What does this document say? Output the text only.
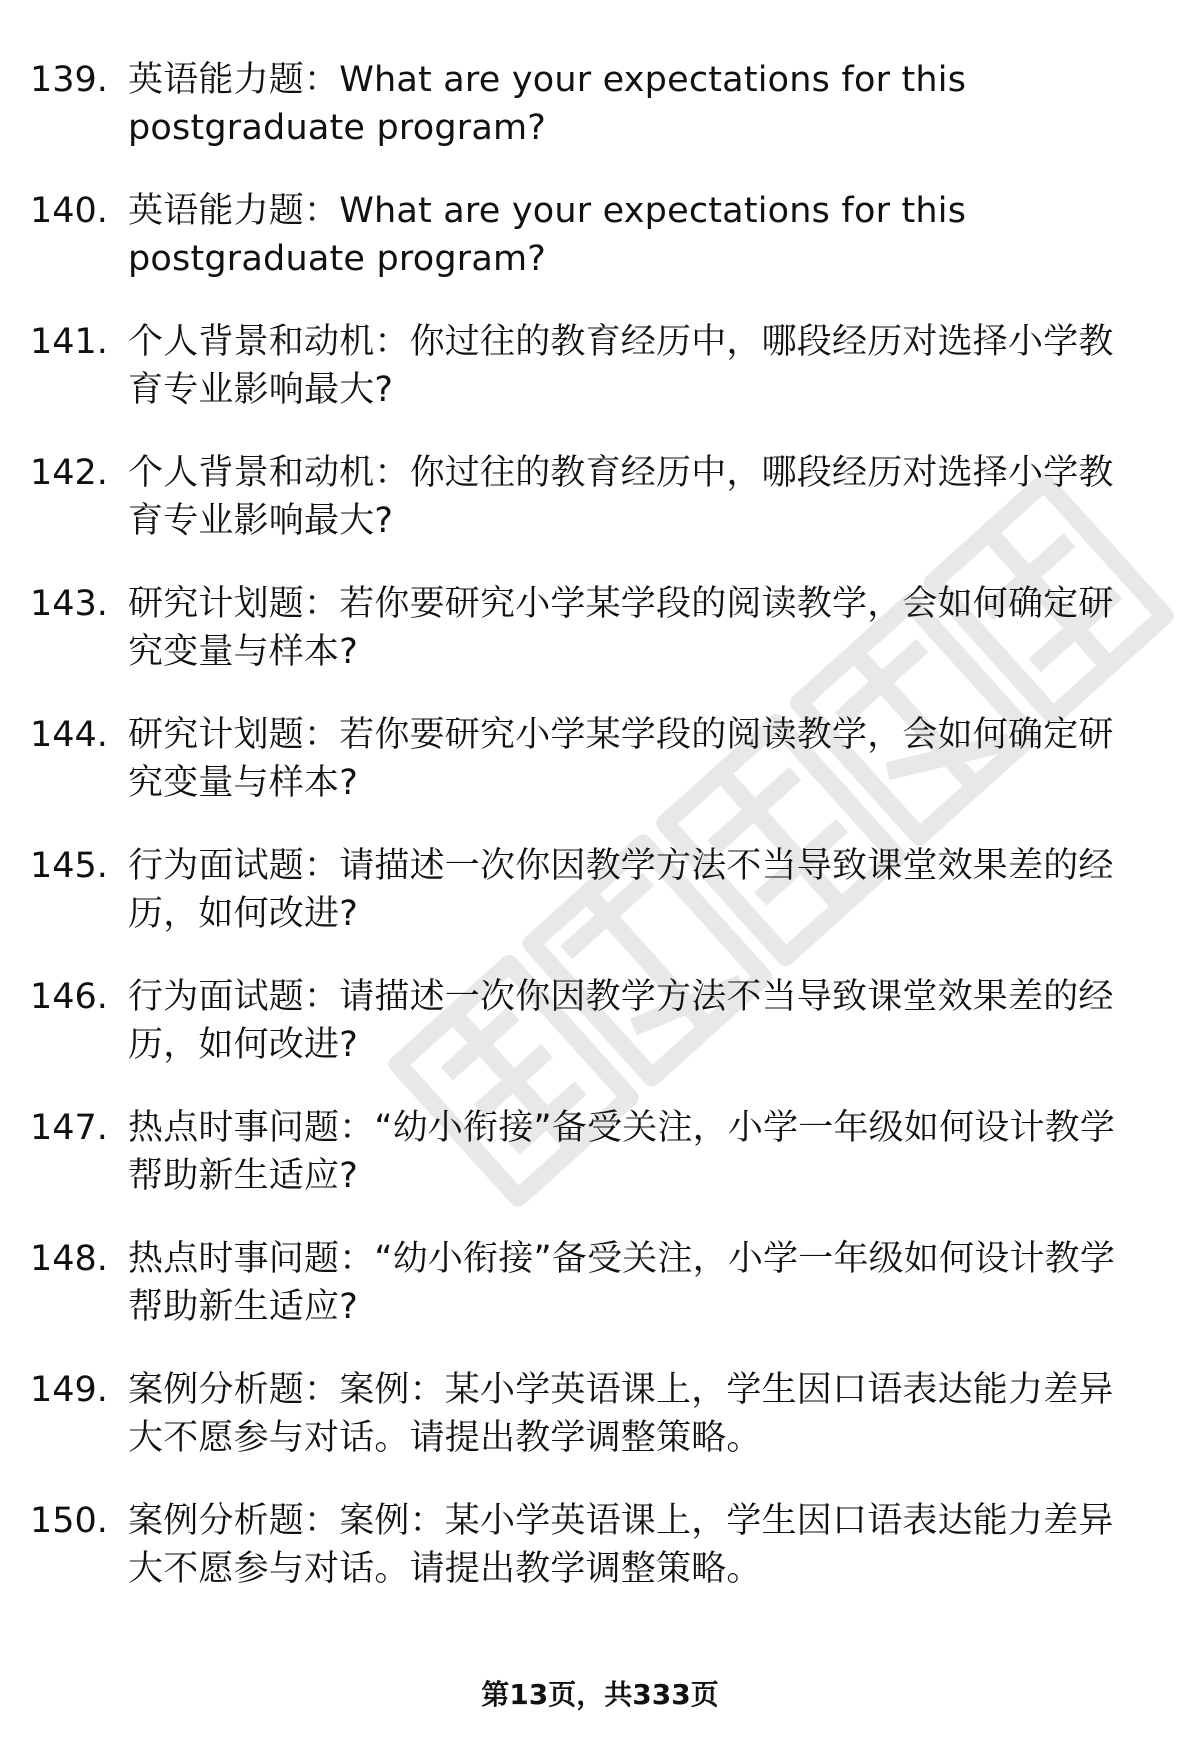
139. 英语能力题：What are your expectations for this postgraduate program?
140. 英语能力题：What are your expectations for this postgraduate program?
141. 个人背景和动机：你过往的教育经历中，哪段经历对选择小学教育专业影响最大?
142. 个人背景和动机：你过往的教育经历中，哪段经历对选择小学教育专业影响最大?
143. 研究计划题：若你要研究小学某学段的阅读教学，会如何确定研究变量与样本?
144. 研究计划题：若你要研究小学某学段的阅读教学，会如何确定研究变量与样本?
145. 行为面试题：请描述一次你因教学方法不当导致课堂效果差的经历，如何改进?
146. 行为面试题：请描述一次你因教学方法不当导致课堂效果差的经历，如何改进?
147. 热点时事问题：“幼小衔接”备受关注，小学一年级如何设计教学帮助新生适应?
148. 热点时事问题：“幼小衔接”备受关注，小学一年级如何设计教学帮助新生适应?
149. 案例分析题：案例：某小学英语课上，学生因口语表达能力差异大不愿参与对话。请提出教学调整策略。
150. 案例分析题：案例：某小学英语课上，学生因口语表达能力差异大不愿参与对话。请提出教学调整策略。
第13页，共333页
